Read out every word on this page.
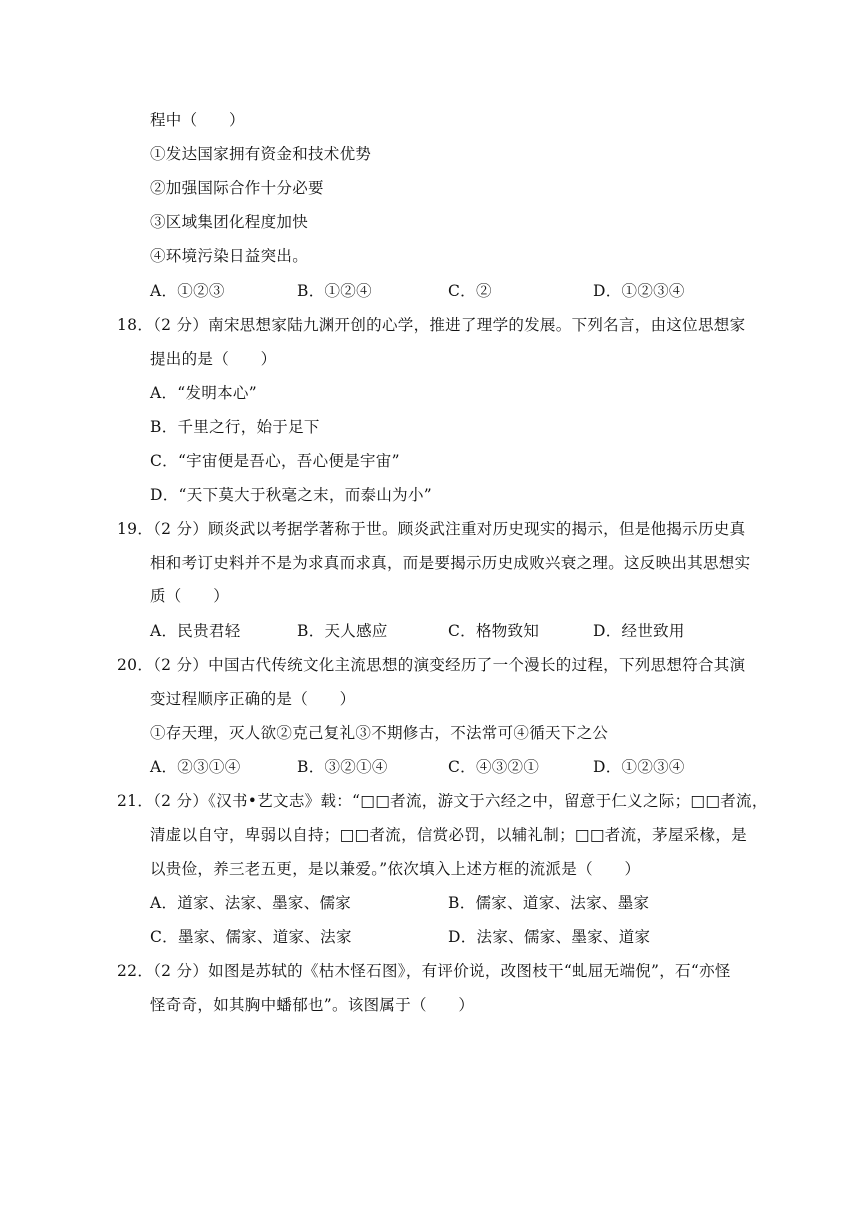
程中（　　）
①发达国家拥有资金和技术优势
②加强国际合作十分必要
③区域集团化程度加快
④环境污染日益突出。
A．①②③	B．①②④	C．②	D．①②③④
18．（2 分）南宋思想家陆九渊开创的心学，推进了理学的发展。下列名言，由这位思想家
提出的是（　　）
A．“发明本心”
B．千里之行，始于足下
C．“宇宙便是吾心，吾心便是宇宙”
D．“天下莫大于秋毫之末，而泰山为小”
19．（2 分）顾炎武以考据学著称于世。顾炎武注重对历史现实的揭示，但是他揭示历史真
相和考订史料并不是为求真而求真，而是要揭示历史成败兴衰之理。这反映出其思想实
质（　　）
A．民贵君轻	B．天人感应	C．格物致知	D．经世致用
20．（2 分）中国古代传统文化主流思想的演变经历了一个漫长的过程，下列思想符合其演
变过程顺序正确的是（　　）
①存天理，灭人欲②克己复礼③不期修古，不法常可④循天下之公
A．②③①④	B．③②①④	C．④③②①	D．①②③④
21．（2 分）《汉书•艺文志》载：“□□者流，游文于六经之中，留意于仁义之际；□□者流，
清虚以自守，卑弱以自持；□□者流，信赏必罚，以辅礼制；□□者流，茅屋采椽，是
以贵俭，养三老五更，是以兼爱。”依次填入上述方框的流派是（　　）
A．道家、法家、墨家、儒家	B．儒家、道家、法家、墨家
C．墨家、儒家、道家、法家	D．法家、儒家、墨家、道家
22．（2 分）如图是苏轼的《枯木怪石图》，有评价说，改图枝干“虬屈无端倪”，石“亦怪
怪奇奇，如其胸中蟠郁也”。该图属于（　　）
